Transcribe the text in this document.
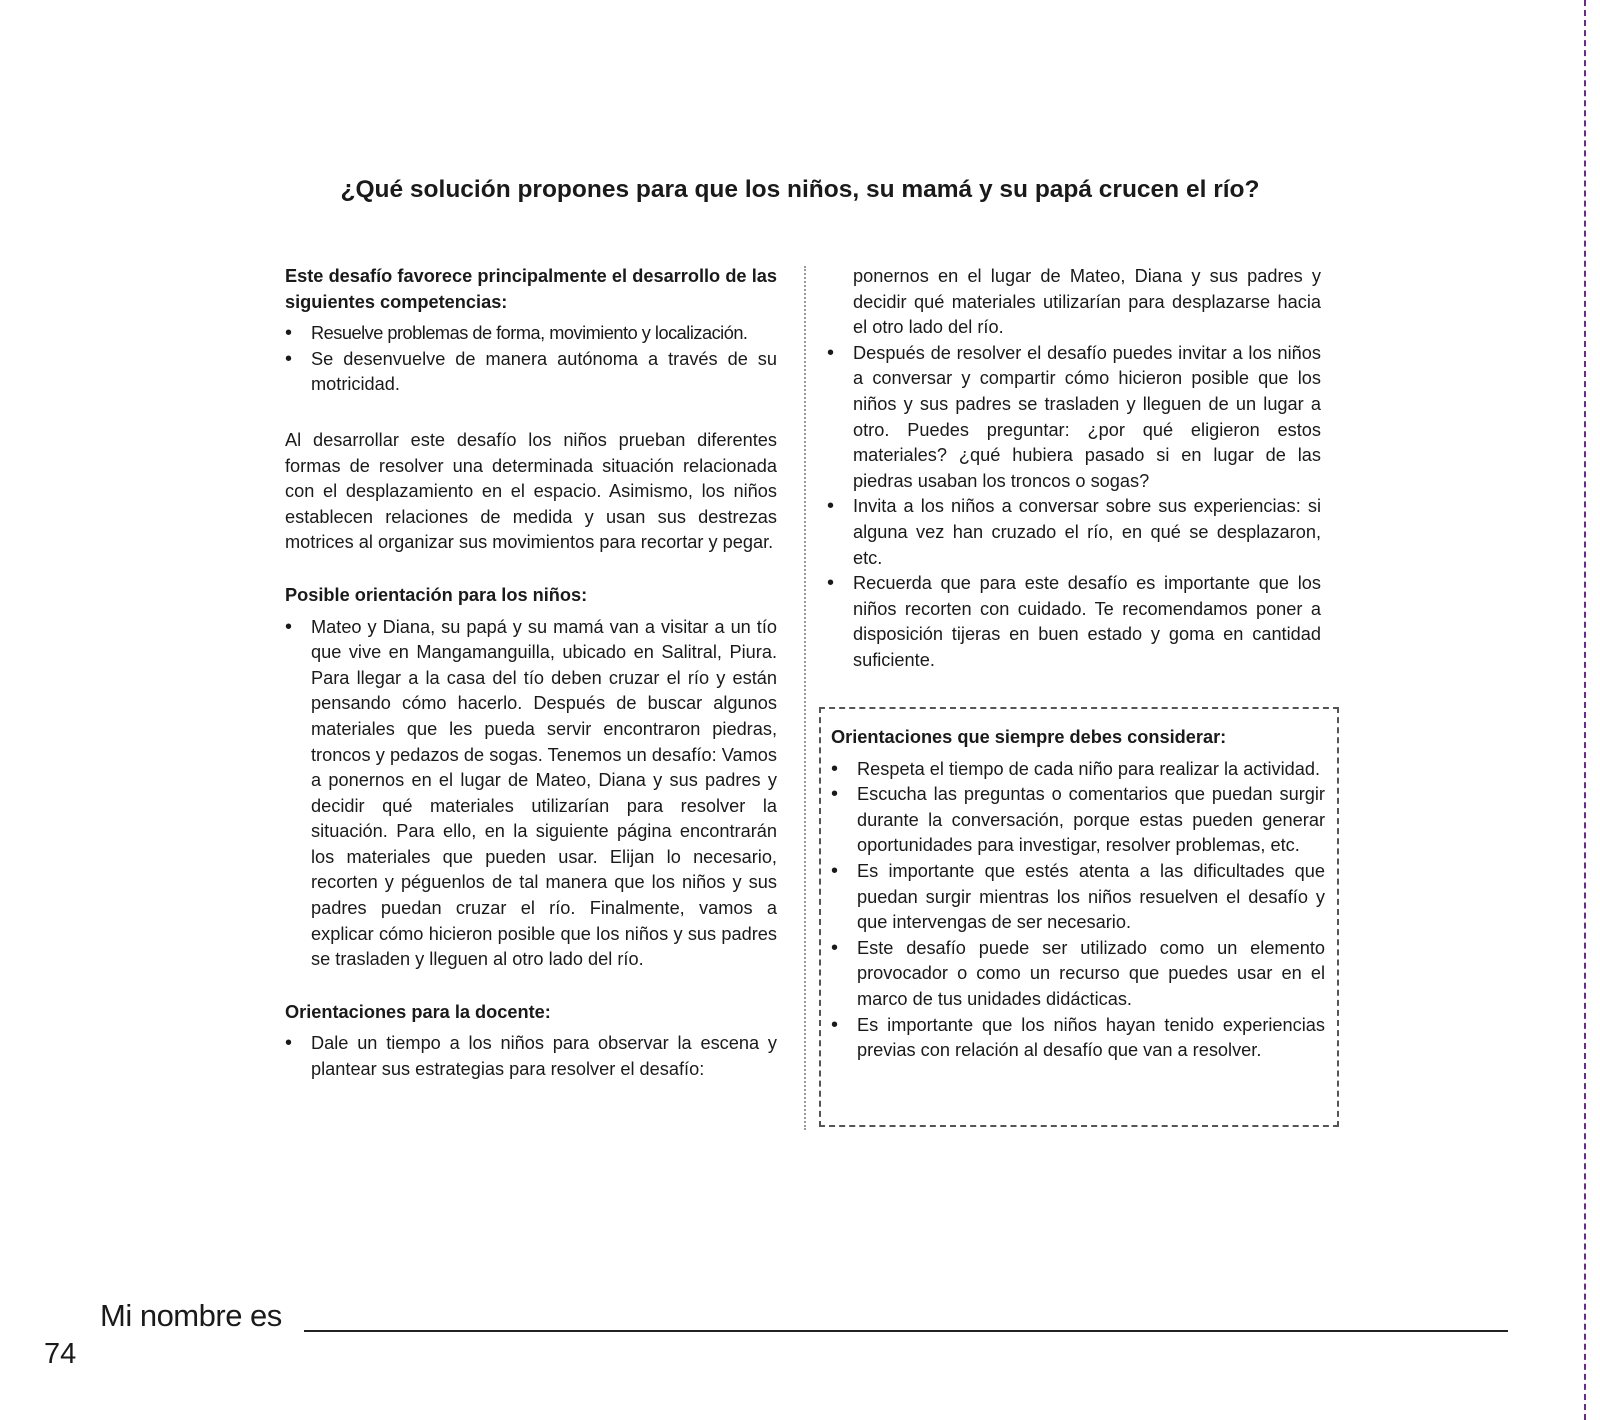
¿Qué solución propones para que los niños, su mamá y su papá crucen el río?

Este desafío favorece principalmente el desarrollo de las siguientes competencias:

• Resuelve problemas de forma, movimiento y localización.
• Se desenvuelve de manera autónoma a través de su motricidad.

Al desarrollar este desafío los niños prueban diferentes formas de resolver una determinada situación relacionada con el desplazamiento en el espacio. Asimismo, los niños establecen relaciones de medida y usan sus destrezas motrices al organizar sus movimientos para recortar y pegar.

Posible orientación para los niños:

• Mateo y Diana, su papá y su mamá van a visitar a un tío que vive en Mangamanguilla, ubicado en Salitral, Piura. Para llegar a la casa del tío deben cruzar el río y están pensando cómo hacerlo. Después de buscar algunos materiales que les pueda servir encontraron piedras, troncos y pedazos de sogas. Tenemos un desafío: Vamos a ponernos en el lugar de Mateo, Diana y sus padres y decidir qué materiales utilizarían para resolver la situación. Para ello, en la siguiente página encontrarán los materiales que pueden usar. Elijan lo necesario, recorten y péguenlos de tal manera que los niños y sus padres puedan cruzar el río. Finalmente, vamos a explicar cómo hicieron posible que los niños y sus padres se trasladen y lleguen al otro lado del río.

Orientaciones para la docente:

• Dale un tiempo a los niños para observar la escena y plantear sus estrategias para resolver el desafío:
ponernos en el lugar de Mateo, Diana y sus padres y decidir qué materiales utilizarían para desplazarse hacia el otro lado del río.
• Después de resolver el desafío puedes invitar a los niños a conversar y compartir cómo hicieron posible que los niños y sus padres se trasladen y lleguen de un lugar a otro. Puedes preguntar: ¿por qué eligieron estos materiales? ¿qué hubiera pasado si en lugar de las piedras usaban los troncos o sogas?
• Invita a los niños a conversar sobre sus experiencias: si alguna vez han cruzado el río, en qué se desplazaron, etc.
• Recuerda que para este desafío es importante que los niños recorten con cuidado. Te recomendamos poner a disposición tijeras en buen estado y goma en cantidad suficiente.

Orientaciones que siempre debes considerar:

• Respeta el tiempo de cada niño para realizar la actividad.
• Escucha las preguntas o comentarios que puedan surgir durante la conversación, porque estas pueden generar oportunidades para investigar, resolver problemas, etc.
• Es importante que estés atenta a las dificultades que puedan surgir mientras los niños resuelven el desafío y que intervengas de ser necesario.
• Este desafío puede ser utilizado como un elemento provocador o como un recurso que puedes usar en el marco de tus unidades didácticas.
• Es importante que los niños hayan tenido experiencias previas con relación al desafío que van a resolver.
Mi nombre es
74
